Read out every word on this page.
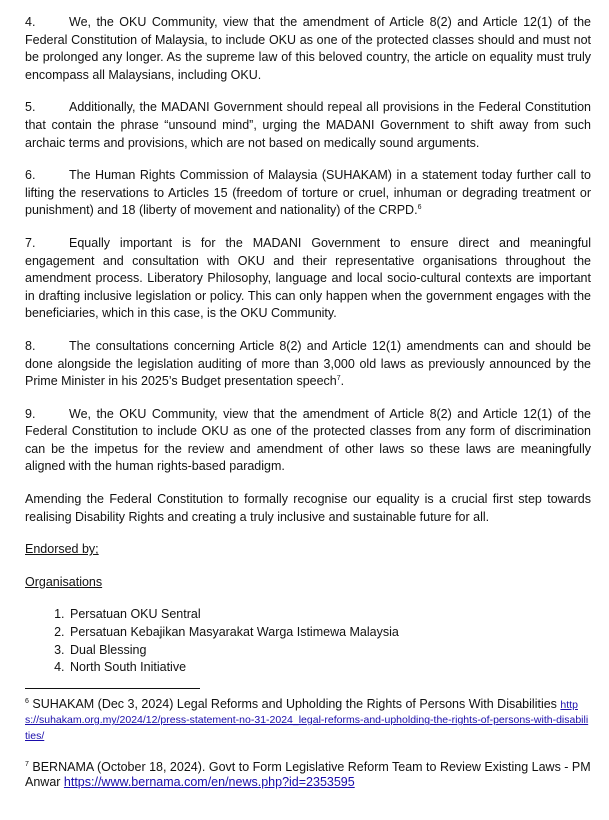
4.	We, the OKU Community, view that the amendment of Article 8(2) and Article 12(1) of the Federal Constitution of Malaysia, to include OKU as one of the protected classes should and must not be prolonged any longer. As the supreme law of this beloved country, the article on equality must truly encompass all Malaysians, including OKU.

5.	Additionally, the MADANI Government should repeal all provisions in the Federal Constitution that contain the phrase “unsound mind”, urging the MADANI Government to shift away from such archaic terms and provisions, which are not based on medically sound arguments.

6.	The Human Rights Commission of Malaysia (SUHAKAM) in a statement today further call to lifting the reservations to Articles 15 (freedom of torture or cruel, inhuman or degrading treatment or punishment) and 18 (liberty of movement and nationality) of the CRPD.$^6$

7.	Equally important is for the MADANI Government to ensure direct and meaningful engagement and consultation with OKU and their representative organisations throughout the amendment process. Liberatory Philosophy, language and local socio-cultural contexts are important in drafting inclusive legislation or policy. This can only happen when the government engages with the beneficiaries, which in this case, is the OKU Community.

8.	The consultations concerning Article 8(2) and Article 12(1) amendments can and should be done alongside the legislation auditing of more than 3,000 old laws as previously announced by the Prime Minister in his 2025’s Budget presentation speech$^7$.

9.	We, the OKU Community, view that the amendment of Article 8(2) and Article 12(1) of the Federal Constitution to include OKU as one of the protected classes from any form of discrimination can be the impetus for the review and amendment of other laws so these laws are meaningfully aligned with the human rights-based paradigm.

Amending the Federal Constitution to formally recognise our equality is a crucial first step towards realising Disability Rights and creating a truly inclusive and sustainable future for all.

Endorsed by;

Organisations

1. Persatuan OKU Sentral
2. Persatuan Kebajikan Masyarakat Warga Istimewa Malaysia
3. Dual Blessing
4. North South Initiative

$^6$ SUHAKAM (Dec 3, 2024) Legal Reforms and Upholding the Rights of Persons With Disabilities https://suhakam.org.my/2024/12/press-statement-no-31-2024_legal-reforms-and-upholding-the-rights-of-persons-with-disabilities/

$^7$ BERNAMA (October 18, 2024). Govt to Form Legislative Reform Team to Review Existing Laws - PM Anwar https://www.bernama.com/en/news.php?id=2353595
